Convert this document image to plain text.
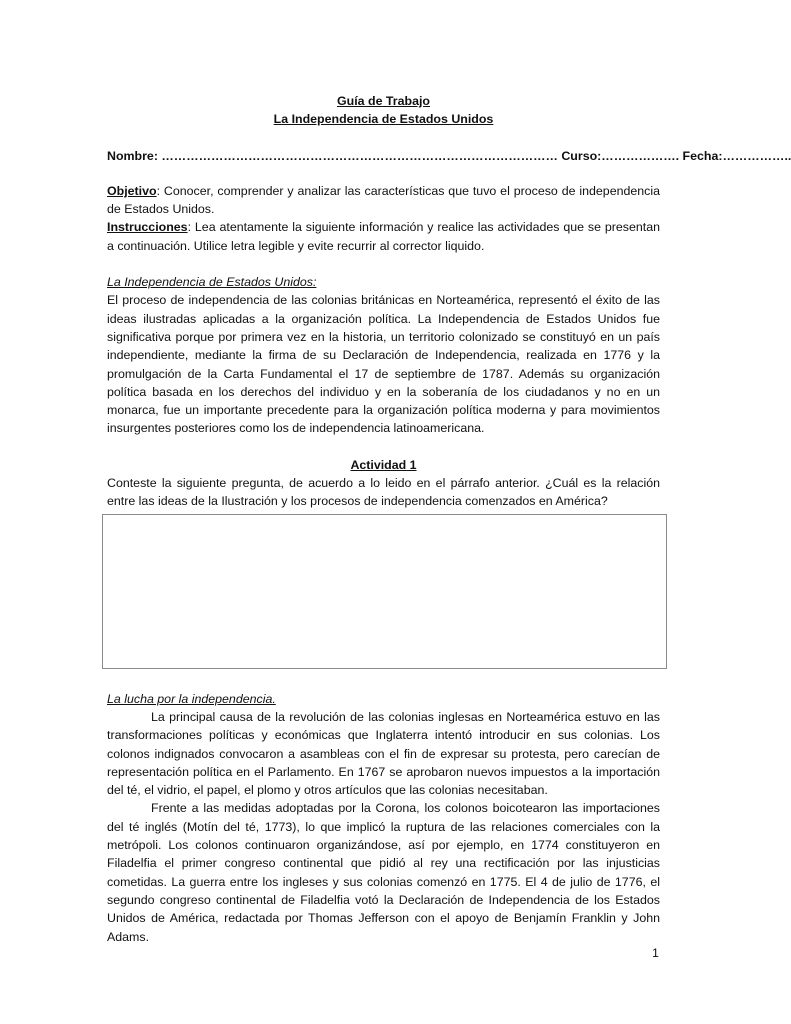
Guía de Trabajo
La Independencia de Estados Unidos
Nombre: …………………………………………………………………………………… Curso:………………. Fecha:……………..

Objetivo: Conocer, comprender y analizar las características que tuvo el proceso de independencia de Estados Unidos.

Instrucciones: Lea atentamente la siguiente información y realice las actividades que se presentan a continuación. Utilice letra legible y evite recurrir al corrector liquido.

La Independencia de Estados Unidos:

El proceso de independencia de las colonias británicas en Norteamérica, representó el éxito de las ideas ilustradas aplicadas a la organización política. La Independencia de Estados Unidos fue significativa porque por primera vez en la historia, un territorio colonizado se constituyó en un país independiente, mediante la firma de su Declaración de Independencia, realizada en 1776 y la promulgación de la Carta Fundamental el 17 de septiembre de 1787. Además su organización política basada en los derechos del individuo y en la soberanía de los ciudadanos y no en un monarca, fue un importante precedente para la organización política moderna y para movimientos insurgentes posteriores como los de independencia latinoamericana.

Actividad 1

Conteste la siguiente pregunta, de acuerdo a lo leido en el párrafo anterior. ¿Cuál es la relación entre las ideas de la Ilustración y los procesos de independencia comenzados en América?

La lucha por la independencia.

La principal causa de la revolución de las colonias inglesas en Norteamérica estuvo en las transformaciones políticas y económicas que Inglaterra intentó introducir en sus colonias. Los colonos indignados convocaron a asambleas con el fin de expresar su protesta, pero carecían de representación política en el Parlamento. En 1767 se aprobaron nuevos impuestos a la importación del té, el vidrio, el papel, el plomo y otros artículos que las colonias necesitaban.

Frente a las medidas adoptadas por la Corona, los colonos boicotearon las importaciones del té inglés (Motín del té, 1773), lo que implicó la ruptura de las relaciones comerciales con la metrópoli. Los colonos continuaron organizándose, así por ejemplo, en 1774 constituyeron en Filadelfia el primer congreso continental que pidió al rey una rectificación por las injusticias cometidas. La guerra entre los ingleses y sus colonias comenzó en 1775. El 4 de julio de 1776, el segundo congreso continental de Filadelfia votó la Declaración de Independencia de los Estados Unidos de América, redactada por Thomas Jefferson con el apoyo de Benjamín Franklin y John Adams.

1
